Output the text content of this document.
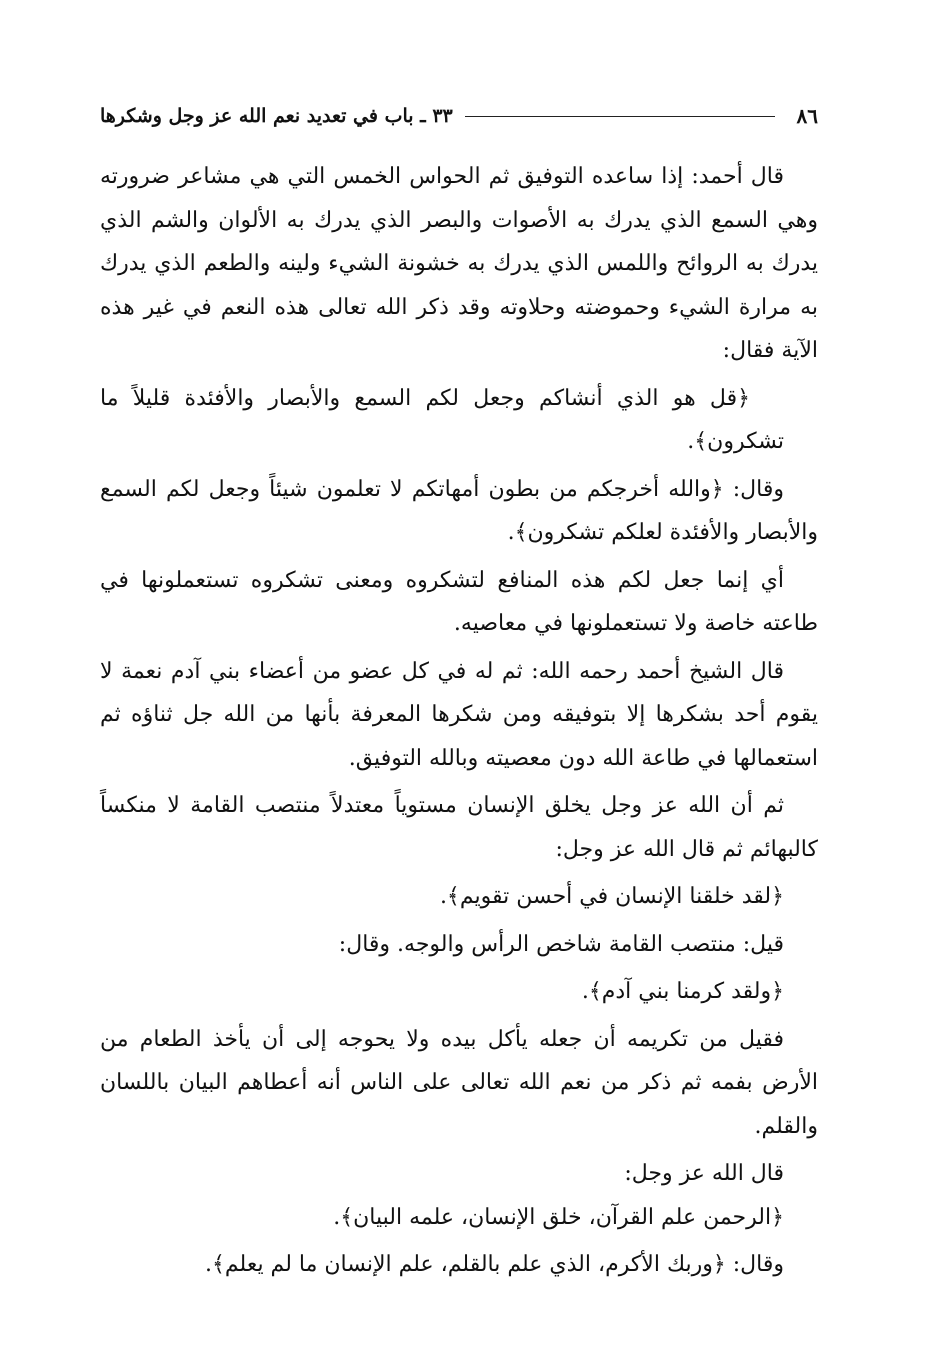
٨٦
٣٣ ـ باب في تعديد نعم الله عز وجل وشكرها

قال أحمد: إذا ساعده التوفيق ثم الحواس الخمس التي هي مشاعر ضرورته وهي السمع الذي يدرك به الأصوات والبصر الذي يدرك به الألوان والشم الذي يدرك به الروائح واللمس الذي يدرك به خشونة الشيء ولينه والطعم الذي يدرك به مرارة الشيء وحموضته وحلاوته وقد ذكر الله تعالى هذه النعم في غير هذه الآية فقال:

﴿قل هو الذي أنشاكم وجعل لكم السمع والأبصار والأفئدة قليلاً ما تشكرون﴾.

وقال: ﴿والله أخرجكم من بطون أمهاتكم لا تعلمون شيئاً وجعل لكم السمع والأبصار والأفئدة لعلكم تشكرون﴾.

أي إنما جعل لكم هذه المنافع لتشكروه ومعنى تشكروه تستعملونها في طاعته خاصة ولا تستعملونها في معاصيه.

قال الشيخ أحمد رحمه الله: ثم له في كل عضو من أعضاء بني آدم نعمة لا يقوم أحد بشكرها إلا بتوفيقه ومن شكرها المعرفة بأنها من الله جل ثناؤه ثم استعمالها في طاعة الله دون معصيته وبالله التوفيق.

ثم أن الله عز وجل يخلق الإنسان مستوياً معتدلاً منتصب القامة لا منكساً كالبهائم ثم قال الله عز وجل:

﴿لقد خلقنا الإنسان في أحسن تقويم﴾.

قيل: منتصب القامة شاخص الرأس والوجه. وقال:

﴿ولقد كرمنا بني آدم﴾.

فقيل من تكريمه أن جعله يأكل بيده ولا يحوجه إلى أن يأخذ الطعام من الأرض بفمه ثم ذكر من نعم الله تعالى على الناس أنه أعطاهم البيان باللسان والقلم.

قال الله عز وجل:

﴿الرحمن علم القرآن، خلق الإنسان، علمه البيان﴾.

وقال: ﴿وربك الأكرم، الذي علم بالقلم، علم الإنسان ما لم يعلم﴾.
